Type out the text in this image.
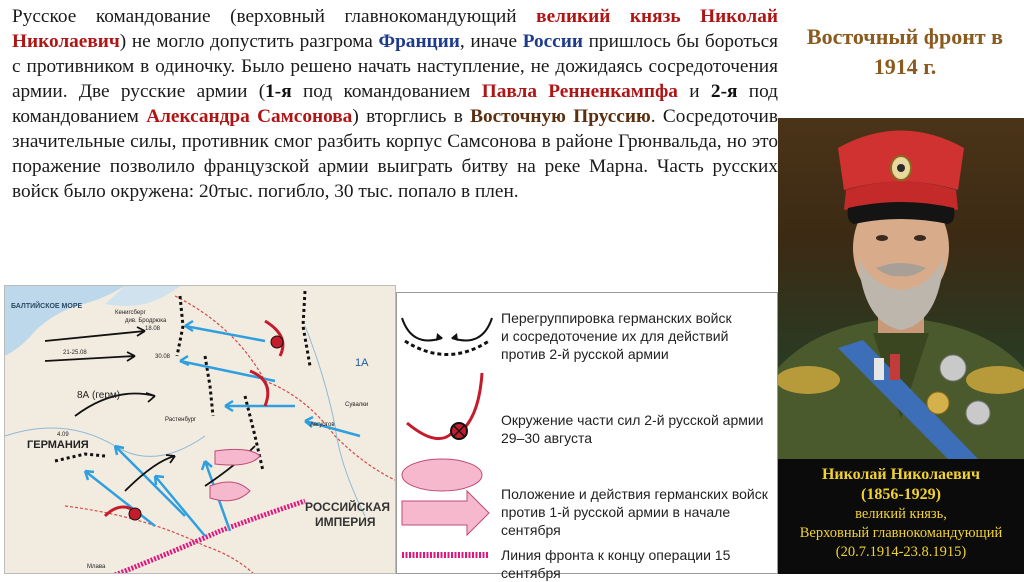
Русское командование (верховный главнокомандующий великий князь Николай Николаевич) не могло допустить разгрома Франции, иначе России пришлось бы бороться с противником в одиночку. Было решено начать наступление, не дожидаясь сосредоточения армии. Две русские армии (1-я под командованием Павла Ренненкампфа и 2-я под командованием Александра Самсонова) вторглись в Восточную Пруссию. Сосредоточив значительные силы, противник смог разбить корпус Самсонова в районе Грюнвальда, но это поражение позволило французской армии выиграть битву на реке Марна. Часть русских войск было окружена: 20тыс. погибло, 30 тыс. попало в плен.
Восточный фронт в
1914 г.
Николай Николаевич
(1856-1929)
великий князь,
Верховный главнокомандующий
(20.7.1914-23.8.1915)
БАЛТИЙСКОЕ МОРЕ
8А (герм)
ГЕРМАНИЯ
РОССИЙСКАЯ
ИМПЕРИЯ
1А
див. Бродрюка
18.08
21-25.08
30.08
4.09
Кенигсберг
Растенбург
Августов
Сувалки
Млава
Перегруппировка германских войск
и сосредоточение их для действий
против 2-й русской армии
Окружение части сил 2-й русской армии
29–30 августа
Положение и действия германских войск
против 1-й русской армии в начале сентября
Линия фронта к концу операции 15 сентября
